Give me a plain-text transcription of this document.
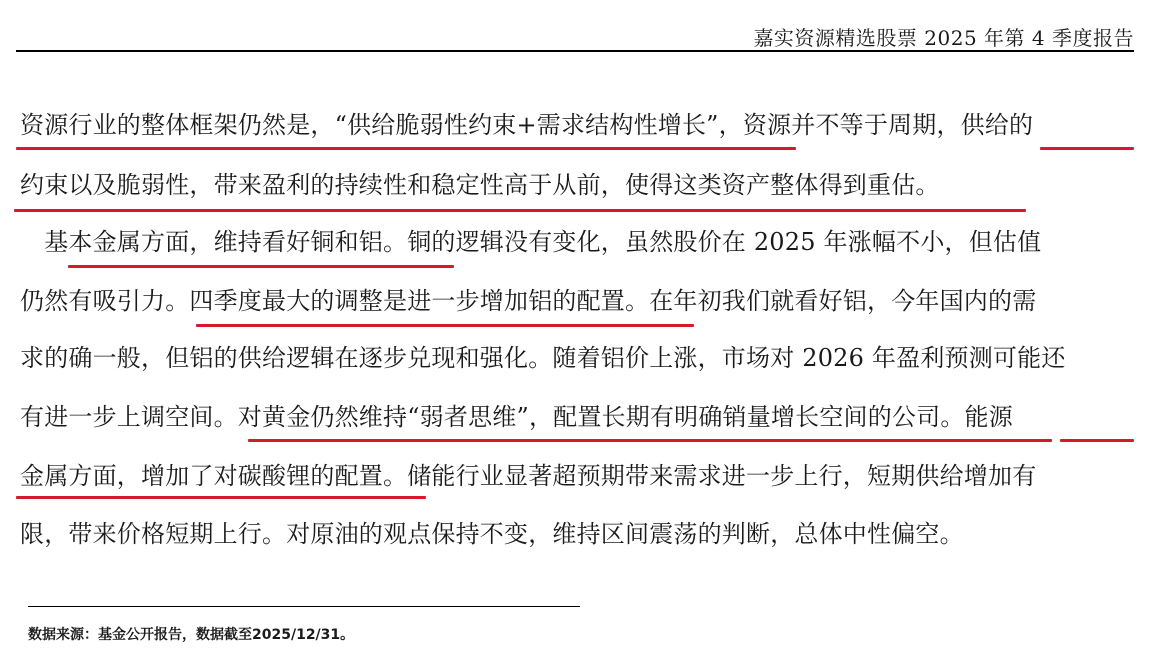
嘉实资源精选股票 2025 年第 4 季度报告
资源行业的整体框架仍然是，“供给脆弱性约束+需求结构性增长”，资源并不等于周期，供给的
约束以及脆弱性，带来盈利的持续性和稳定性高于从前，使得这类资产整体得到重估。
　基本金属方面，维持看好铜和铝。铜的逻辑没有变化，虽然股价在 2025 年涨幅不小，但估值
仍然有吸引力。四季度最大的调整是进一步增加铝的配置。在年初我们就看好铝，今年国内的需
求的确一般，但铝的供给逻辑在逐步兑现和强化。随着铝价上涨，市场对 2026 年盈利预测可能还
有进一步上调空间。对黄金仍然维持“弱者思维”，配置长期有明确销量增长空间的公司。能源
金属方面，增加了对碳酸锂的配置。储能行业显著超预期带来需求进一步上行，短期供给增加有
限，带来价格短期上行。对原油的观点保持不变，维持区间震荡的判断，总体中性偏空。
数据来源：基金公开报告，数据截至2025/12/31。
